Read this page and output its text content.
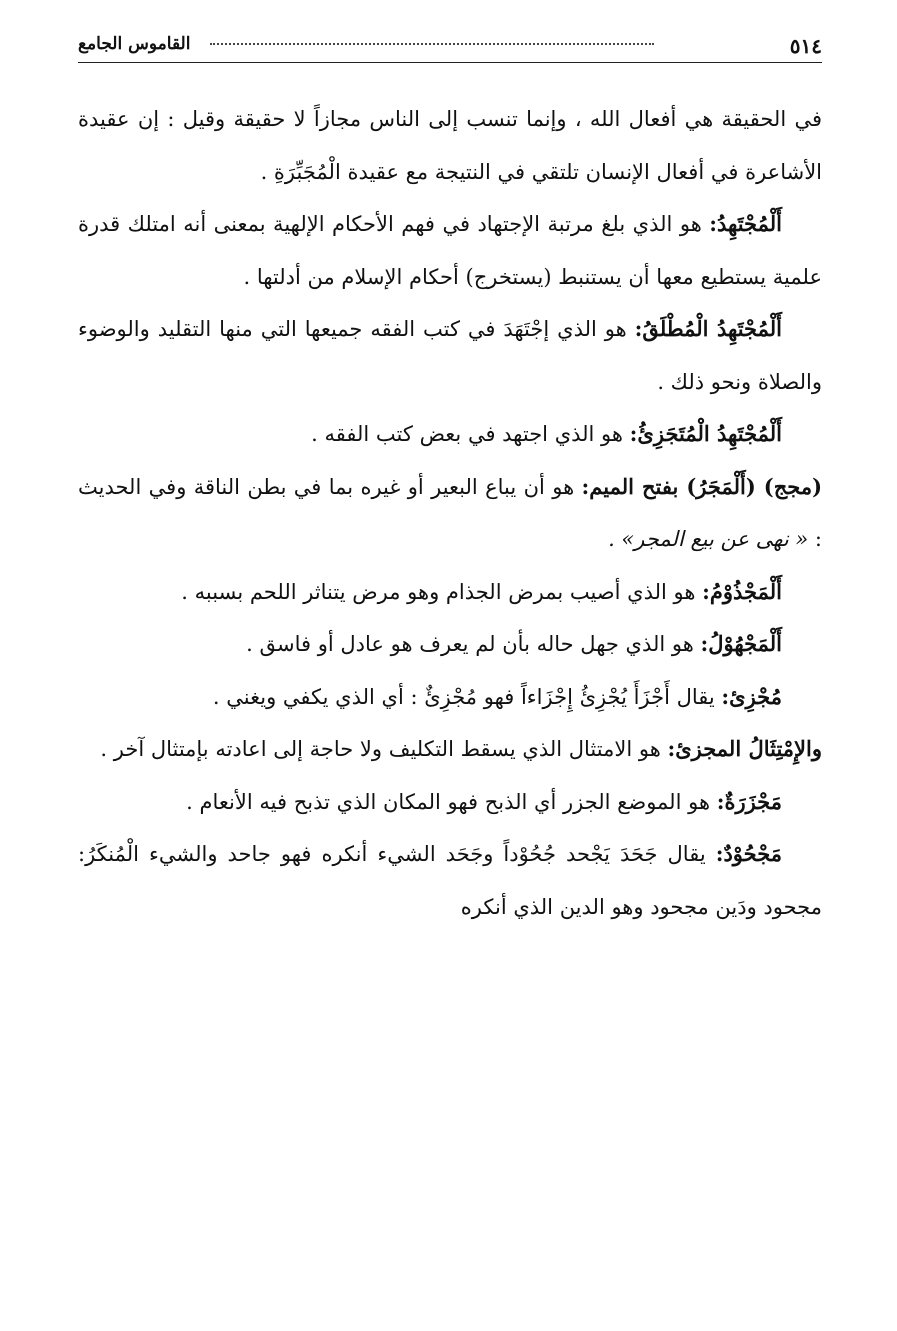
٥١٤
القاموس الجامع

في الحقيقة هي أفعال الله ، وإنما تنسب إلى الناس مجازاً لا حقيقة وقيل : إن عقيدة الأشاعرة في أفعال الإنسان تلتقي في النتيجة مع عقيدة الْمُجَبِّرَةِ .

أَلْمُجْتَهِدُ: هو الذي بلغ مرتبة الإجتهاد في فهم الأحكام الإلهية بمعنى أنه امتلك قدرة علمية يستطيع معها أن يستنبط (يستخرج) أحكام الإسلام من أدلتها .

أَلْمُجْتَهِدُ الْمُطْلَقُ: هو الذي إجْتَهَدَ في كتب الفقه جميعها التي منها التقليد والوضوء والصلاة ونحو ذلك .

أَلْمُجْتَهِدُ الْمُتَجَزِئُ: هو الذي اجتهد في بعض كتب الفقه .

(مجج) (أَلْمَجَرُ) بفتح الميم: هو أن يباع البعير أو غيره بما في بطن الناقة وفي الحديث : « نهى عن بيع المجر» .

أَلْمَجْذُوْمُ: هو الذي أصيب بمرض الجذام وهو مرض يتناثر اللحم بسببه .

أَلْمَجْهُوْلُ: هو الذي جهل حاله بأن لم يعرف هو عادل أو فاسق .

مُجْزِئ: يقال أَجْزَأَ يُجْزِئُ إِجْزَاءاً فهو مُجْزِئٌ : أي الذي يكفي ويغني .

والإِمْتِثَالُ المجزئ: هو الامتثال الذي يسقط التكليف ولا حاجة إلى اعادته بإمتثال آخر .

مَجْزَرَةٌ: هو الموضع الجزر أي الذبح فهو المكان الذي تذبح فيه الأنعام .

مَجْحُوْدٌ: يقال جَحَدَ يَجْحد جُحُوْداً وجَحَد الشيء أنكره فهو جاحد والشيء الْمُنكَرُ: مجحود ودَين مجحود وهو الدين الذي أنكره
